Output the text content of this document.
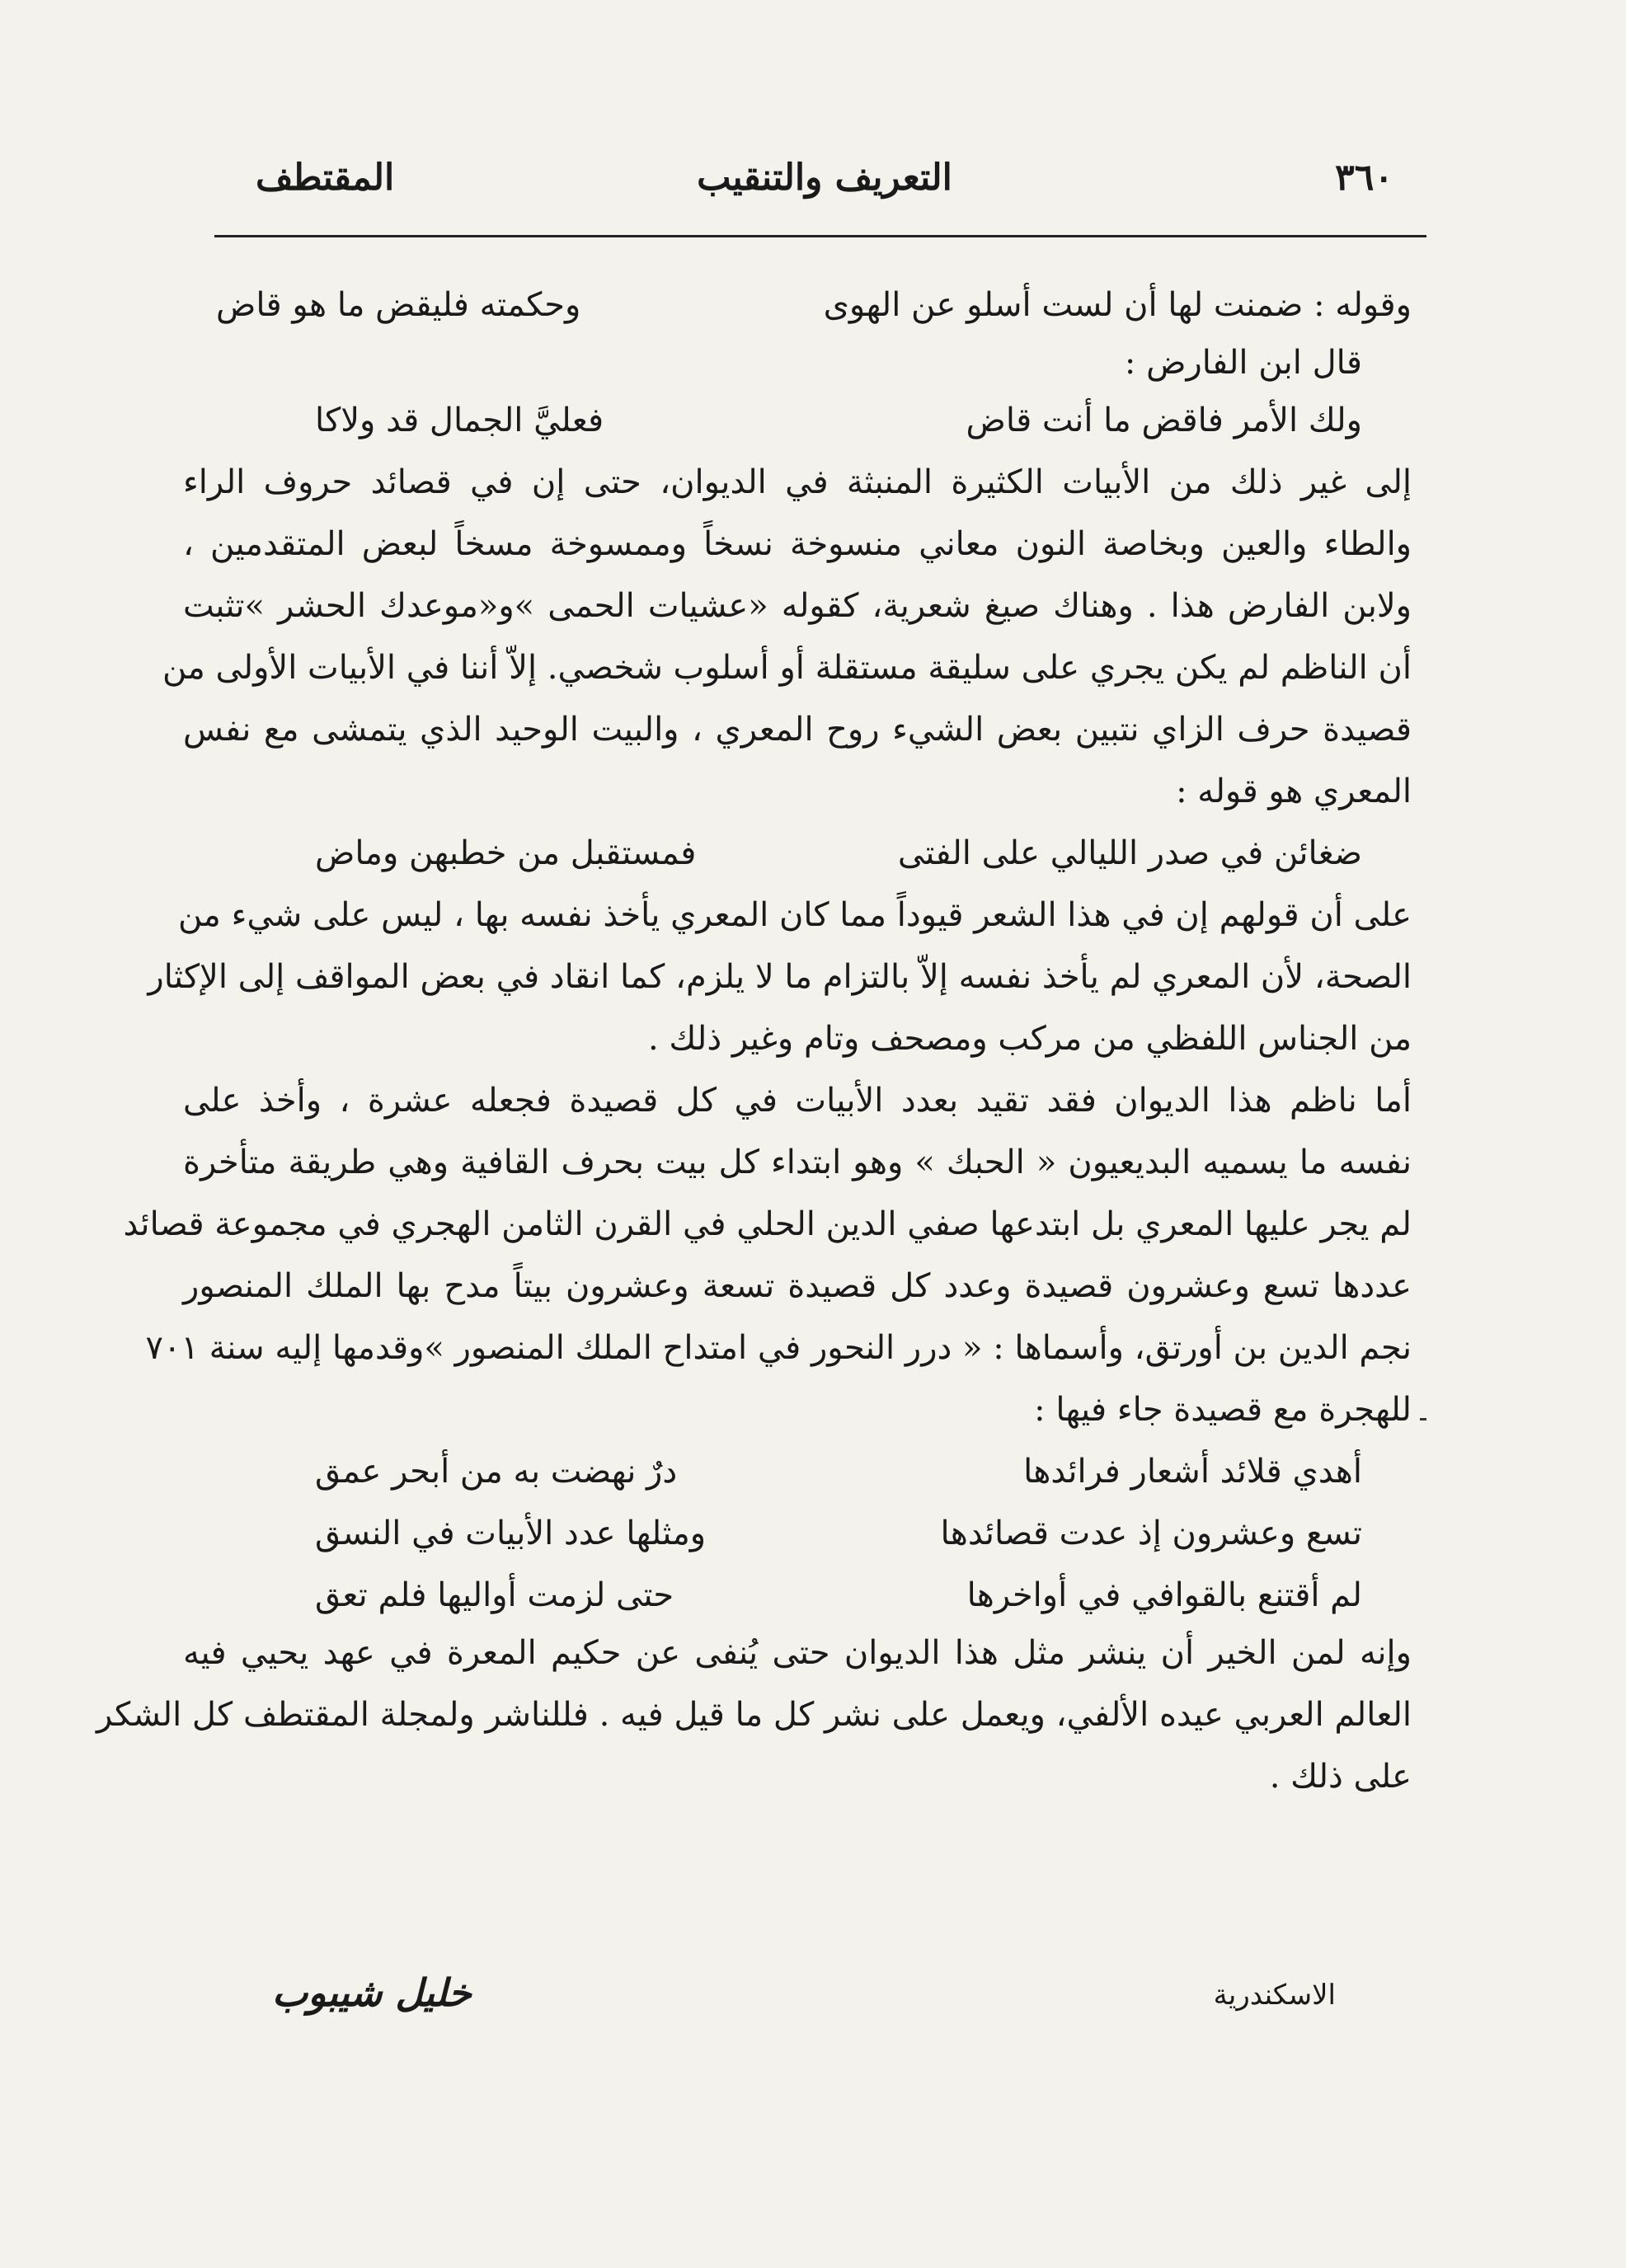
٣٦٠
التعريف والتنقيب
المقتطف
وقوله : ضمنت لها أن لست أسلو عن الهوى
وحكمته فليقض ما هو قاض
قال ابن الفارض :
ولك الأمر فاقض ما أنت قاض
فعليَّ الجمال قد ولاكا
إلى غير ذلك من الأبيات الكثيرة المنبثة في الديوان، حتى إن في قصائد حروف الراء
والطاء والعين وبخاصة النون معاني منسوخة نسخاً وممسوخة مسخاً لبعض المتقدمين ،
ولابن الفارض هذا . وهناك صيغ شعرية، كقوله «عشيات الحمى »و«موعدك الحشر »تثبت
أن الناظم لم يكن يجري على سليقة مستقلة أو أسلوب شخصي. إلاّ أننا في الأبيات الأولى من
قصيدة حرف الزاي نتبين بعض الشيء روح المعري ، والبيت الوحيد الذي يتمشى مع نفس
المعري هو قوله :
ضغائن في صدر الليالي على الفتى
فمستقبل من خطبهن وماض
على أن قولهم إن في هذا الشعر قيوداً مما كان المعري يأخذ نفسه بها ، ليس على شيء من
الصحة، لأن المعري لم يأخذ نفسه إلاّ بالتزام ما لا يلزم، كما انقاد في بعض المواقف إلى الإكثار
من الجناس اللفظي من مركب ومصحف وتام وغير ذلك .
أما ناظم هذا الديوان فقد تقيد بعدد الأبيات في كل قصيدة فجعله عشرة ، وأخذ على
نفسه ما يسميه البديعيون « الحبك » وهو ابتداء كل بيت بحرف القافية وهي طريقة متأخرة
لم يجر عليها المعري بل ابتدعها صفي الدين الحلي في القرن الثامن الهجري في مجموعة قصائد
عددها تسع وعشرون قصيدة وعدد كل قصيدة تسعة وعشرون بيتاً مدح بها الملك المنصور
نجم الدين بن أورتق، وأسماها : « درر النحور في امتداح الملك المنصور »وقدمها إليه سنة ٧٠١
للهجرة مع قصيدة جاء فيها :
أهدي قلائد أشعار فرائدها
درٌ نهضت به من أبحر عمق
تسع وعشرون إذ عدت قصائدها
ومثلها عدد الأبيات في النسق
لم أقتنع بالقوافي في أواخرها
حتى لزمت أواليها فلم تعق
وإنه لمن الخير أن ينشر مثل هذا الديوان حتى يُنفى عن حكيم المعرة في عهد يحيي فيه
العالم العربي عيده الألفي، ويعمل على نشر كل ما قيل فيه . فللناشر ولمجلة المقتطف كل الشكر
على ذلك .
الاسكندرية
خليل شيبوب
